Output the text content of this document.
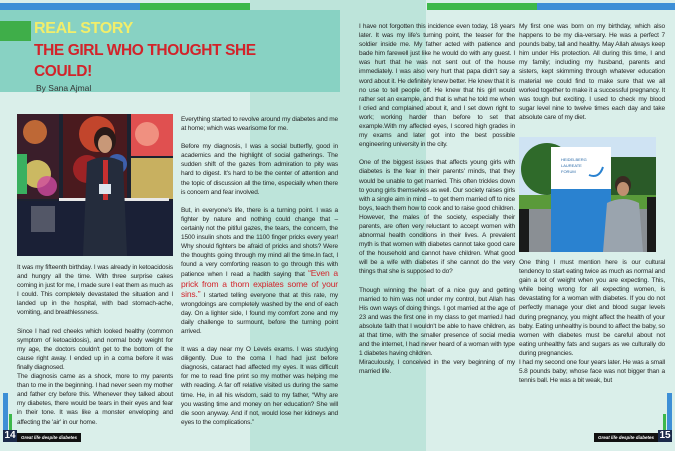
REAL STORY
THE GIRL WHO THOUGHT SHE COULD!
By Sana Ajmal

It was my fifteenth birthday. I was already in ketoacidosis and hungry all the time. With three surprise cakes coming in just for me, I made sure I eat them as much as I could. This completely devastated the situation and I landed up in the hospital, with bad stomach-ache, vomiting, and breathlessness.

Since I had red cheeks which looked healthy (common symptom of ketoacidosis), and normal body weight for my age, the doctors couldn't get to the bottom of the cause right away. I ended up in a coma before it was finally diagnosed.

The diagnosis came as a shock, more to my parents than to me in the beginning. I had never seen my mother and father cry before this. Whenever they talked about my diabetes, there would be tears in their eyes and fear in their tone. It was like a monster enveloping and affecting the 'air' in our home.

Everything started to revolve around my diabetes and me at home; which was wearisome for me.

Before my diagnosis, I was a social butterfly, good in academics and the highlight of social gatherings. The sudden shift of the gazes from admiration to pity was hard to digest. It's hard to be the center of attention and the topic of discussion all the time, especially when there is concern and fear involved.

But, in everyone's life, there is a turning point. I was a fighter by nature and nothing could change that – certainly not the pitiful gazes, the tears, the concern, the 1500 insulin shots and the 1100 finger pricks every year! Why should fighters be afraid of pricks and shots? Were the thoughts going through my mind all the time.In fact, I found a very comforting reason to go through this with patience when I read a hadith saying that “Even a prick from a thorn expiates some of your sins.” I started telling everyone that at this rate, my wrongdoings are completely washed by the end of each day. On a lighter side, I found my comfort zone and my daily challenge to surmount, before the turning point arrived.

It was a day near my O Levels exams. I was studying diligently. Due to the coma I had had just before diagnosis, cataract had affected my eyes. It was difficult for me to read fine print so my mother was helping me with reading. A far off relative visited us during the same time. He, in all his wisdom, said to my father, “Why are you wasting time and money on her education? She will die soon anyway. And if not, would lose her kidneys and eyes to the complications.”

I have not forgotten this incidence even today, 18 years later. It was my life's turning point, the teaser for the soldier inside me. My father acted with patience and bade him farewell just like he would do with any guest. I was hurt that he was not sent out of the house immediately. I was also very hurt that papa didn't say a word about it. He definitely knew better. He knew that it is no use to tell people off. He knew that his girl would rather set an example, and that is what he told me when I cried and complained about it, and I set down right to work; working harder than before to set that example.With my affected eyes, I scored high grades in my exams and later got into the best possible engineering university in the city.

One of the biggest issues that affects young girls with diabetes is the fear in their parents' minds, that they would be unable to get married. This often trickles down to young girls themselves as well. Our society raises girls with a single aim in mind – to get them married off to nice boys, teach them how to cook and to raise good children. However, the males of the society, especially their parents, are often very reluctant to accept women with abnormal health conditions in their lives. A prevalent myth is that women with diabetes cannot take good care of the household and cannot have children. What good will be a wife with diabetes if she cannot do the very things that she is supposed to do?

Though winning the heart of a nice guy and getting married to him was not under my control, but Allah has His own ways of doing things. I got married at the age of 23 and was the first one in my class to get married.I had absolute faith that I wouldn't be able to have children, as at that time, with the smaller presence of social media and the internet, I had never heard of a woman with type 1 diabetes having children.

Miraculously, I conceived in the very beginning of my married life.

My first one was born on my birthday, which also happens to be my dia-versary. He was a perfect 7 pounds baby, tall and healthy. May Allah always keep him under His protection. All during this time, I and my family; including my husband, parents and sisters, kept skimming through whatever education material we could find to make sure that we all worked together to make it a successful pregnancy. It was tough but exciting. I used to check my blood sugar level nine to twelve times each day and take absolute care of my diet.

HEIDELBERG
LAUREATE
FORUM

One thing I must mention here is our cultural tendency to start eating twice as much as normal and gain a lot of weight when you are expecting. This, while being wrong for all expecting women, is devastating for a woman with diabetes. If you do not perfectly manage your diet and blood sugar levels during pregnancy, you might affect the health of your baby. Eating unhealthy is bound to affect the baby, so women with diabetes must be careful about not eating unhealthy fats and sugars as we culturally do during pregnancies.

I had my second one four years later. He was a small 5.8 pounds baby; whose face was not bigger than a tennis ball. He was a bit weak, but

14	Great life despite diabetes	Great life despite diabetes 15
